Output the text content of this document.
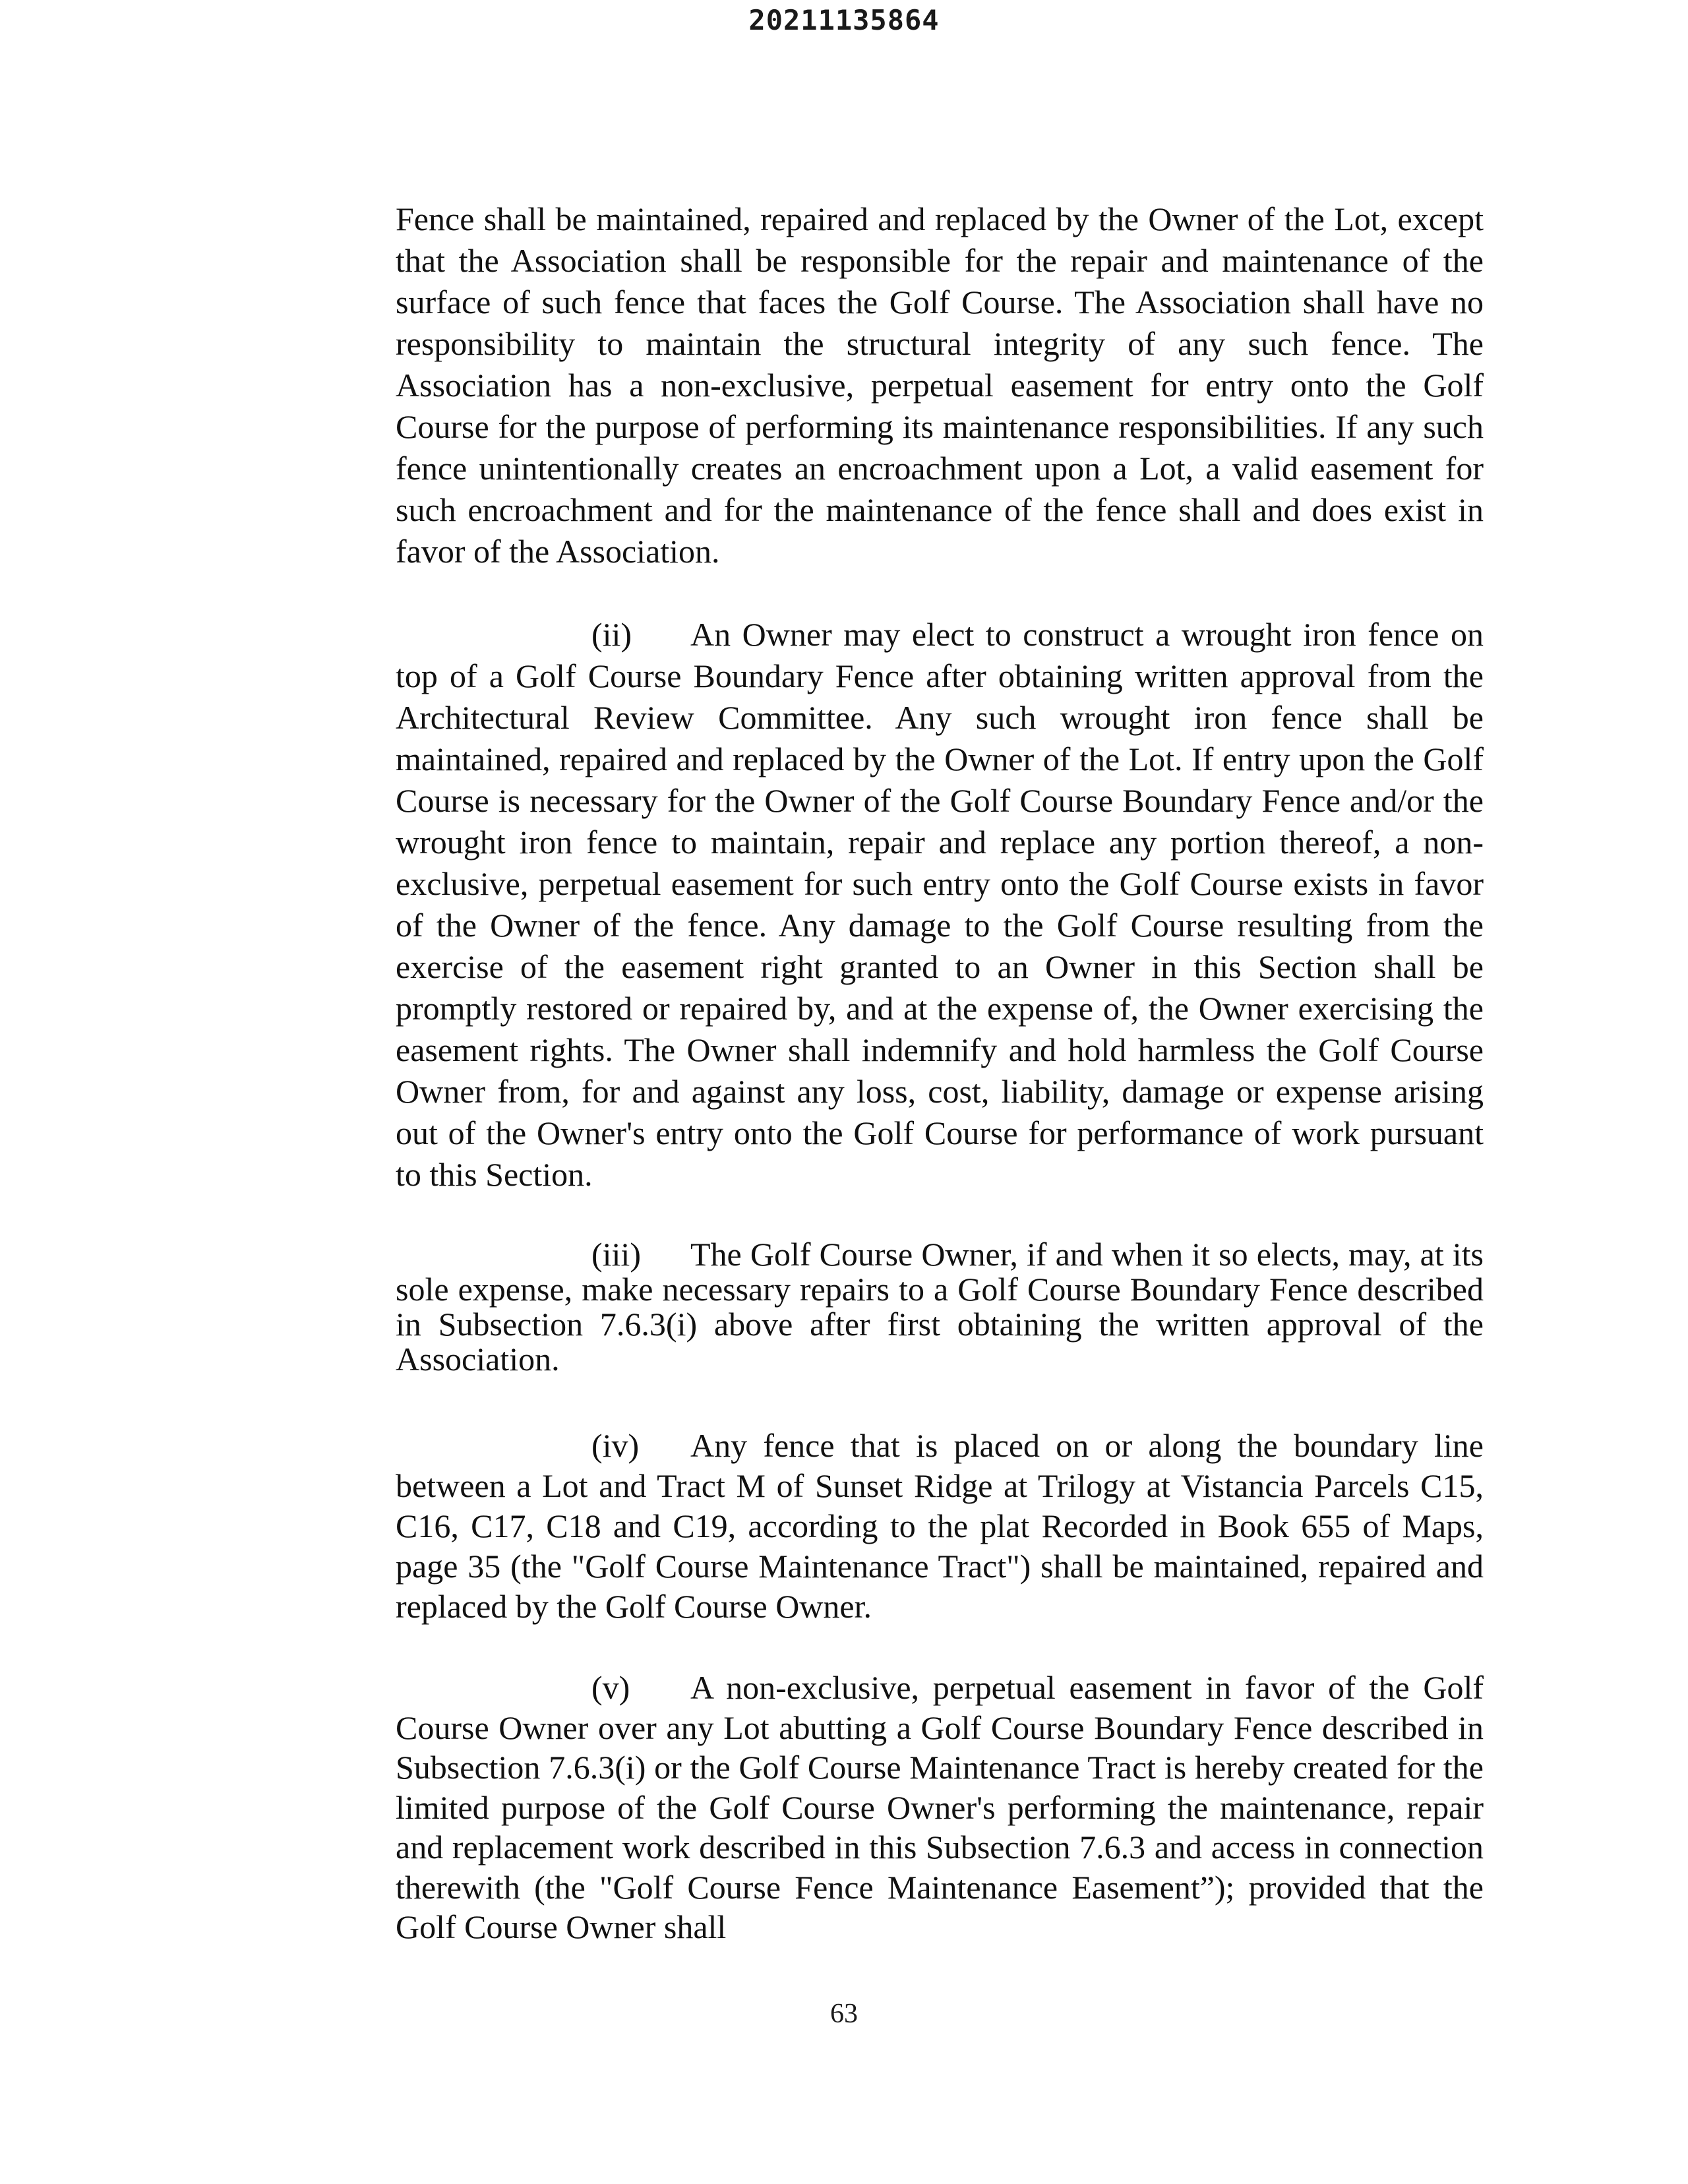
20211135864

Fence shall be maintained, repaired and replaced by the Owner of the Lot, except that the Association shall be responsible for the repair and maintenance of the surface of such fence that faces the Golf Course. The Association shall have no responsibility to maintain the structural integrity of any such fence. The Association has a non-exclusive, perpetual easement for entry onto the Golf Course for the purpose of performing its maintenance responsibilities. If any such fence unintentionally creates an encroachment upon a Lot, a valid easement for such encroachment and for the maintenance of the fence shall and does exist in favor of the Association.

(ii) An Owner may elect to construct a wrought iron fence on top of a Golf Course Boundary Fence after obtaining written approval from the Architectural Review Committee. Any such wrought iron fence shall be maintained, repaired and replaced by the Owner of the Lot. If entry upon the Golf Course is necessary for the Owner of the Golf Course Boundary Fence and/or the wrought iron fence to maintain, repair and replace any portion thereof, a non-exclusive, perpetual easement for such entry onto the Golf Course exists in favor of the Owner of the fence. Any damage to the Golf Course resulting from the exercise of the easement right granted to an Owner in this Section shall be promptly restored or repaired by, and at the expense of, the Owner exercising the easement rights. The Owner shall indemnify and hold harmless the Golf Course Owner from, for and against any loss, cost, liability, damage or expense arising out of the Owner's entry onto the Golf Course for performance of work pursuant to this Section.

(iii) The Golf Course Owner, if and when it so elects, may, at its sole expense, make necessary repairs to a Golf Course Boundary Fence described in Subsection 7.6.3(i) above after first obtaining the written approval of the Association.

(iv) Any fence that is placed on or along the boundary line between a Lot and Tract M of Sunset Ridge at Trilogy at Vistancia Parcels C15, C16, C17, C18 and C19, according to the plat Recorded in Book 655 of Maps, page 35 (the "Golf Course Maintenance Tract") shall be maintained, repaired and replaced by the Golf Course Owner.

(v) A non-exclusive, perpetual easement in favor of the Golf Course Owner over any Lot abutting a Golf Course Boundary Fence described in Subsection 7.6.3(i) or the Golf Course Maintenance Tract is hereby created for the limited purpose of the Golf Course Owner's performing the maintenance, repair and replacement work described in this Subsection 7.6.3 and access in connection therewith (the "Golf Course Fence Maintenance Easement”); provided that the Golf Course Owner shall

63
